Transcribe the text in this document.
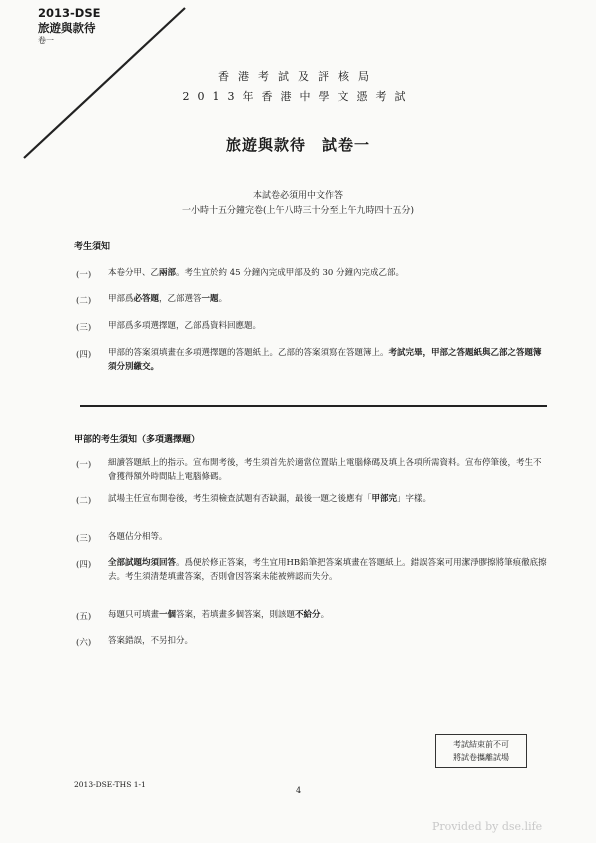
2013-DSE
旅遊與款待
卷一
香港考試及評核局
2013年香港中學文憑考試
旅遊與款待　試卷一
本試卷必須用中文作答
一小時十五分鐘完卷(上午八時三十分至上午九時四十五分)
考生須知
(一) 本卷分甲、乙兩部。考生宜於約 45 分鐘內完成甲部及約 30 分鐘內完成乙部。
(二) 甲部爲必答題，乙部選答一題。
(三) 甲部爲多項選擇題，乙部爲資料回應題。
(四) 甲部的答案須填畫在多項選擇題的答題紙上。乙部的答案須寫在答題簿上。考試完畢，甲部之答題紙與乙部之答題簿須分別繳交。
甲部的考生須知（多項選擇題）
(一) 細讀答題紙上的指示。宣布開考後，考生須首先於適當位置貼上電腦條碼及填上各項所需資料。宣布停筆後，考生不會獲得額外時間貼上電腦條碼。
(二) 試場主任宣布開卷後，考生須檢查試題有否缺漏，最後一題之後應有「甲部完」字樣。
(三) 各題佔分相等。
(四) 全部試題均須回答。爲便於修正答案，考生宜用HB鉛筆把答案填畫在答題紙上。錯誤答案可用潔淨膠擦將筆痕徹底擦去。考生須清楚填畫答案，否則會因答案未能被辨認而失分。
(五) 每題只可填畫一個答案，若填畫多個答案，則該題不給分。
(六) 答案錯誤，不另扣分。
考試結束前不可
將試卷攜離試場
2013-DSE-THS 1-1
4
Provided by dse.life
